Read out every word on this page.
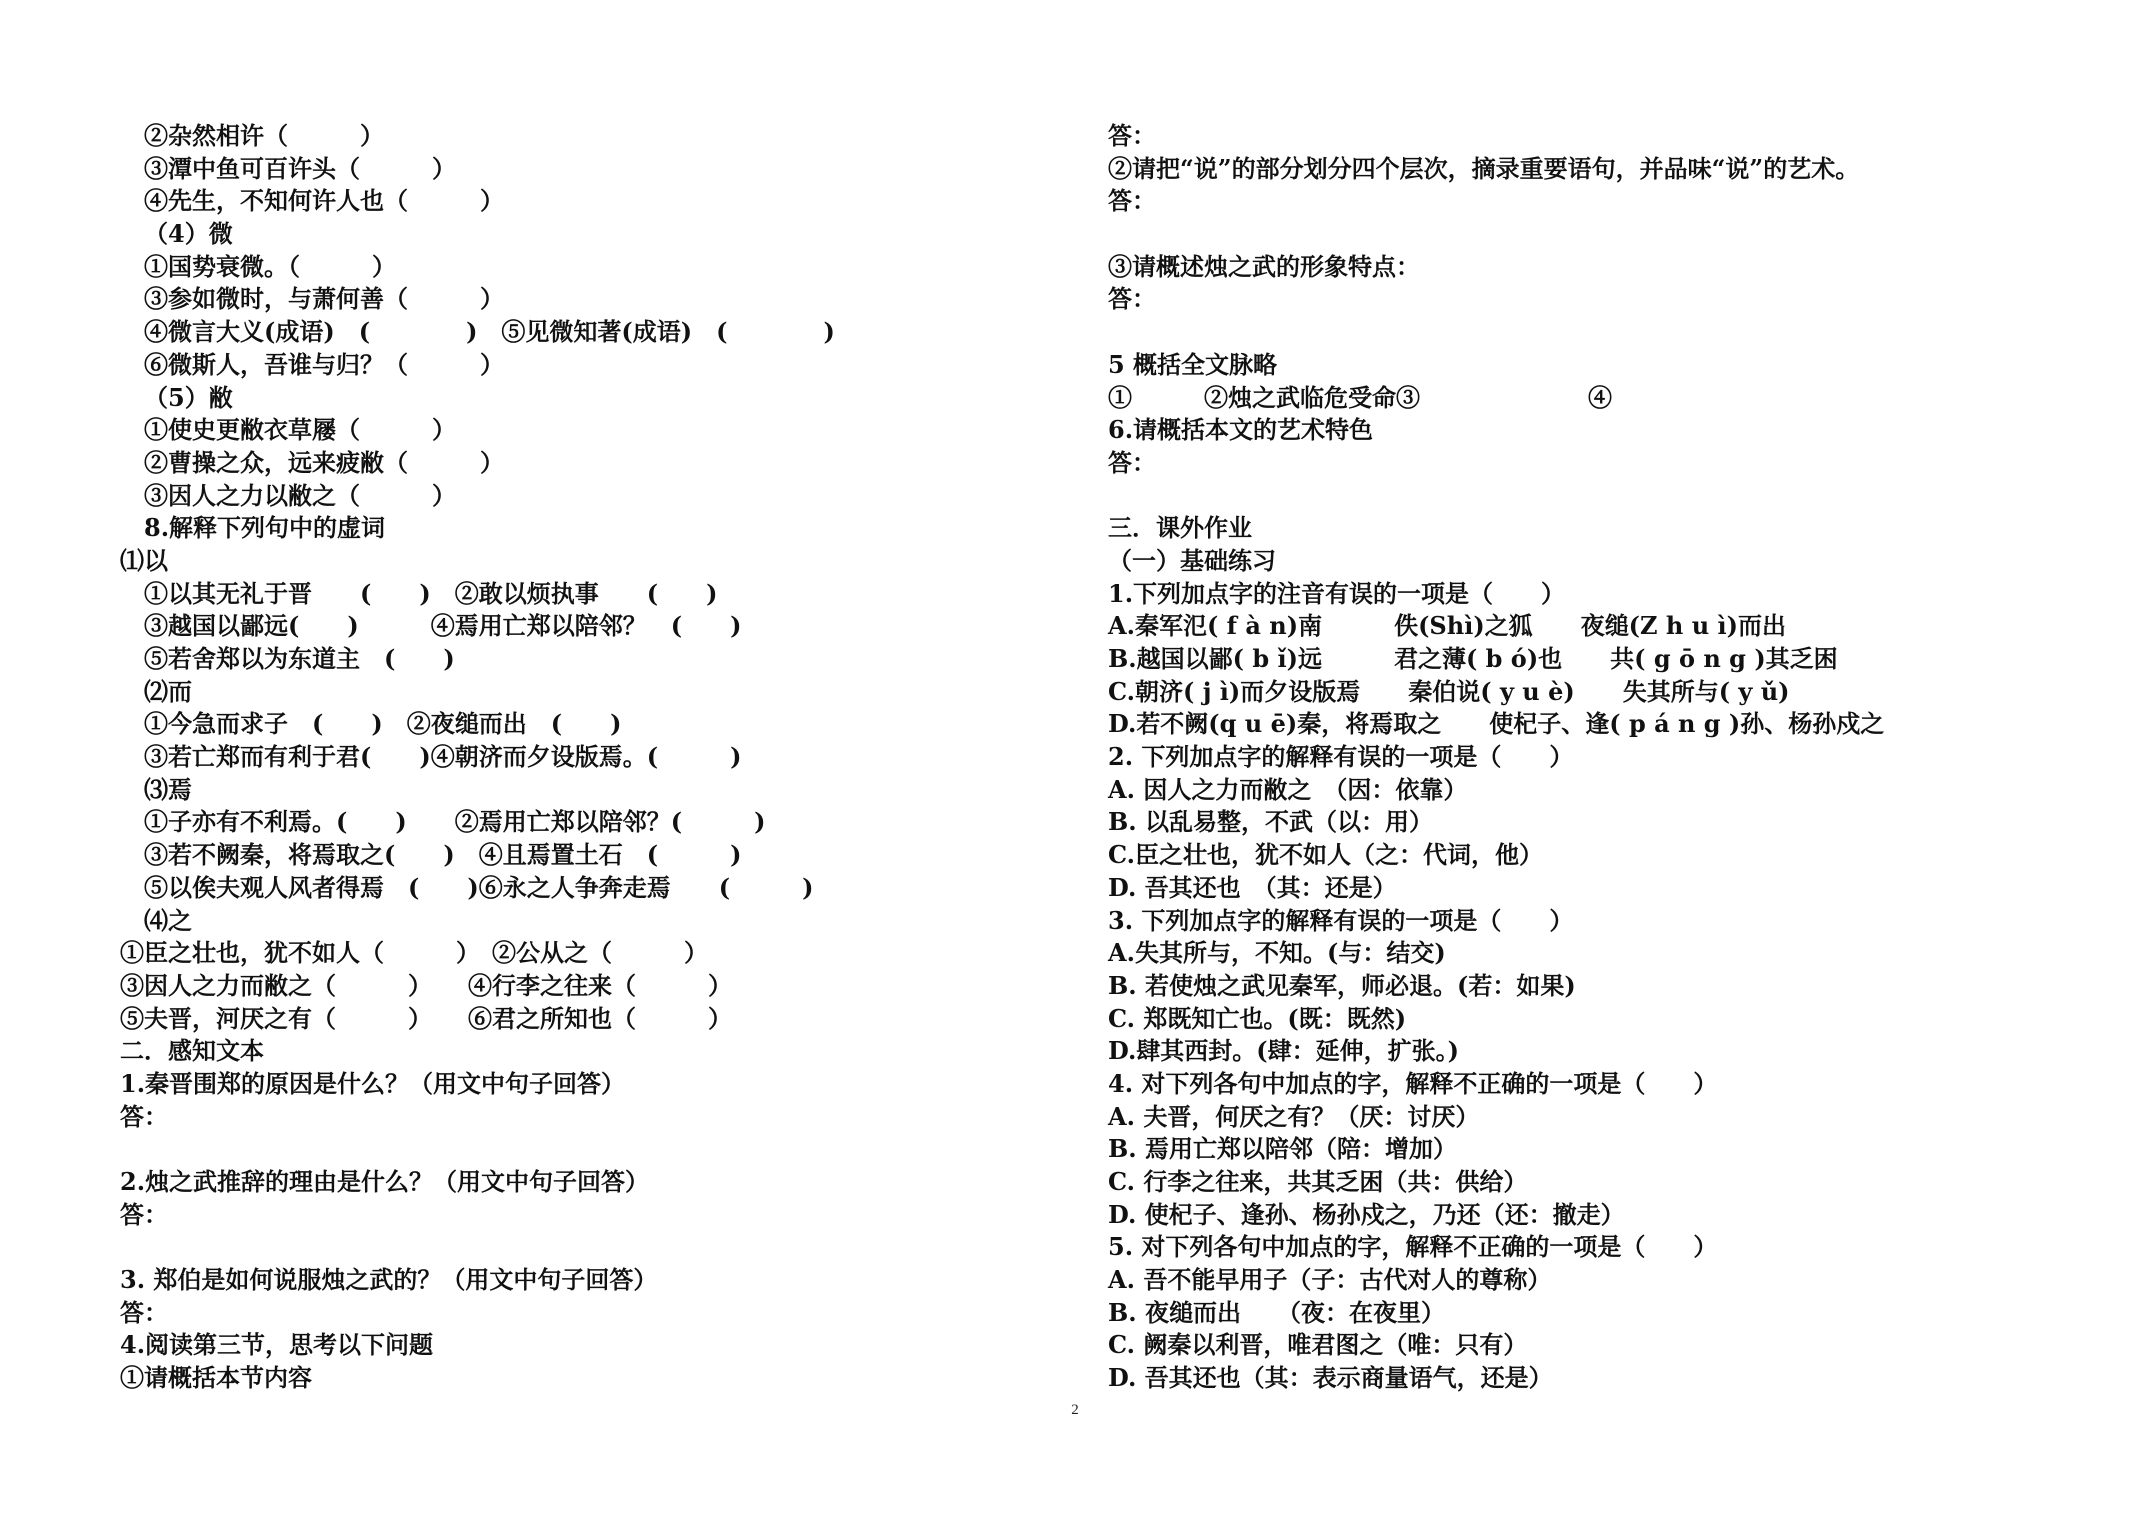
②杂然相许（　　　）
③潭中鱼可百许头（　　　）
④先生，不知何许人也（　　　）
（4）微
①国势衰微。（　　　）
③参如微时，与萧何善（　　　）
④微言大义(成语)　(　　　　)　⑤见微知著(成语)　(　　　　)
⑥微斯人，吾谁与归？（　　　）
（5）敝
①使史更敝衣草屦（　　　）
②曹操之众，远来疲敝（　　　）
③因人之力以敝之（　　　）
8.解释下列句中的虚词
⑴以
①以其无礼于晋　　(　　)　②敢以烦执事　　(　　)
③越国以鄙远(　　)　　　④焉用亡郑以陪邻？　(　　)
⑤若舍郑以为东道主　(　　)
⑵而
①今急而求子　(　　)　②夜缒而出　(　　)
③若亡郑而有利于君(　　)④朝济而夕设版焉。(　　　)
⑶焉
①子亦有不利焉。(　　)　　②焉用亡郑以陪邻？(　　　)
③若不阙秦，将焉取之(　　)　④且焉置土石　(　　　)
⑤以俟夫观人风者得焉　(　　)⑥永之人争奔走焉　　(　　　)
⑷之
①臣之壮也，犹不如人（　　　）　②公从之（　　　）
③因人之力而敝之（　　　）　　④行李之往来（　　　）
⑤夫晋，河厌之有（　　　）　　⑥君之所知也（　　　）
二．感知文本
1.秦晋围郑的原因是什么？（用文中句子回答）
答：
2.烛之武推辞的理由是什么？（用文中句子回答）
答：
3. 郑伯是如何说服烛之武的？（用文中句子回答）
答：
4.阅读第三节，思考以下问题
①请概括本节内容
答：
②请把“说”的部分划分四个层次，摘录重要语句，并品味“说”的艺术。
答：
③请概述烛之武的形象特点：
答：
5 概括全文脉略
①　　　②烛之武临危受命③　　　　　　　④
6.请概括本文的艺术特色
答：
三．课外作业
（一）基础练习
1.下列加点字的注音有误的一项是（　　）
A.秦军氾( f à n)南　　　佚(Shì)之狐　　夜缒(Z h u ì)而出
B.越国以鄙( b ǐ)远　　　君之薄( b ó)也　　共( g ō n g )其乏困
C.朝济( j ì)而夕设版焉　　秦伯说( y u è)　　失其所与( y ǔ)
D.若不阙(q u ē)秦，将焉取之　　使杞子、逢( p á n g )孙、杨孙戍之
2. 下列加点字的解释有误的一项是（　　）
A. 因人之力而敝之　（因：依靠）
B. 以乱易整，不武（以：用）
C.臣之壮也，犹不如人（之：代词，他）
D. 吾其还也　（其：还是）
3. 下列加点字的解释有误的一项是（　　）
A.失其所与，不知。(与：结交)
B. 若使烛之武见秦军，师必退。(若：如果)
C. 郑既知亡也。(既：既然)
D.肆其西封。(肆：延伸，扩张。)
4. 对下列各句中加点的字，解释不正确的一项是（　　）
A. 夫晋，何厌之有？（厌：讨厌）
B. 焉用亡郑以陪邻（陪：增加）
C. 行李之往来，共其乏困（共：供给）
D. 使杞子、逢孙、杨孙戍之，乃还（还：撤走）
5. 对下列各句中加点的字，解释不正确的一项是（　　）
A. 吾不能早用子（子：古代对人的尊称）
B. 夜缒而出　　（夜：在夜里）
C. 阙秦以利晋，唯君图之（唯：只有）
D. 吾其还也（其：表示商量语气，还是）
2
